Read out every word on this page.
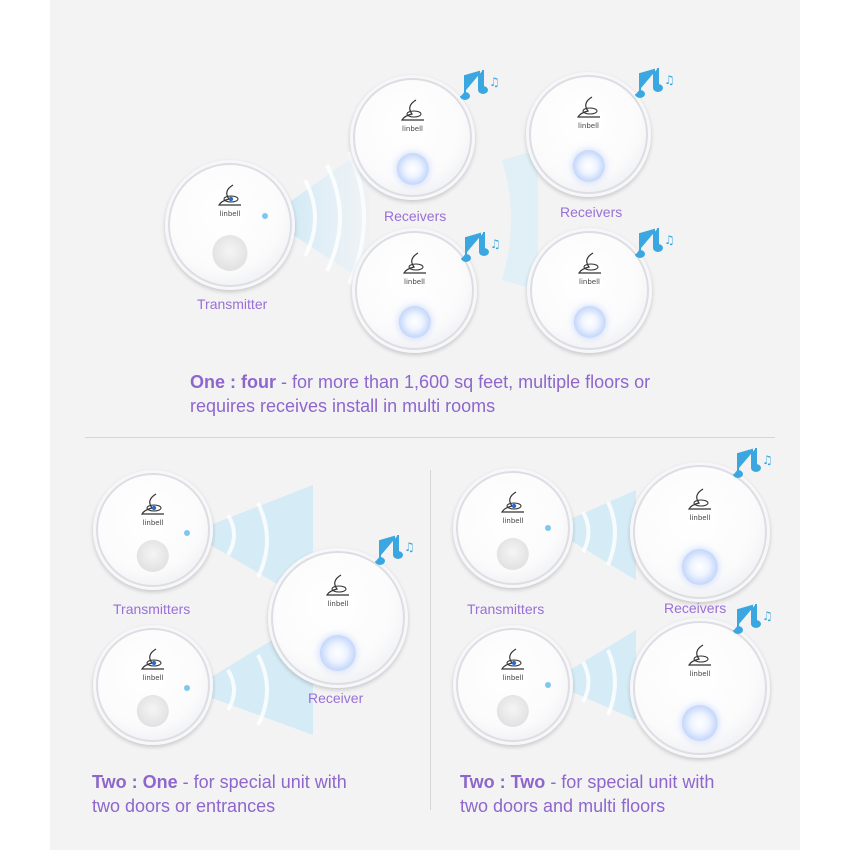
linbell
Transmitter
linbell	linbell
linbell	linbell
♫	♫
♫	♫
Receivers	Receivers
One : four - for more than 1,600 sq feet, multiple floors or
requires receives install in multi rooms
linbell
linbell
Transmitters	linbell
♫
Receiver
Two : One - for special unit with
two doors or entrances
linbell
linbell
Transmitters
linbell
linbell
♫
♫
Receivers
Two : Two - for special unit with
two doors and multi floors
